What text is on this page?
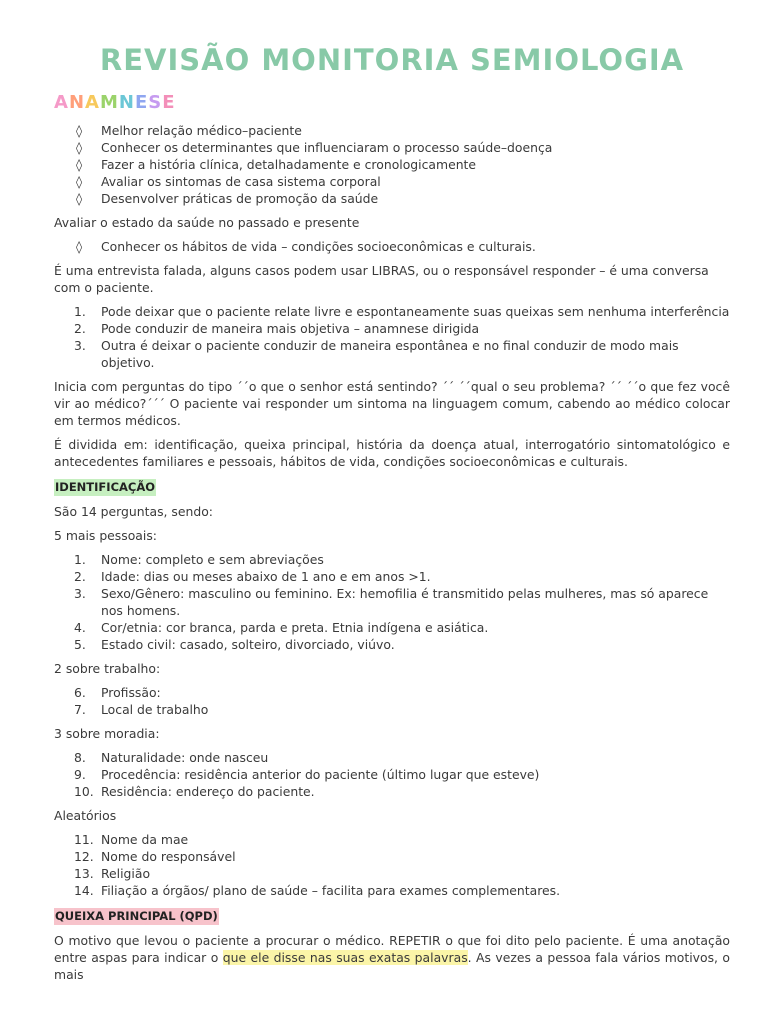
REVISÃO MONITORIA SEMIOLOGIA
ANAMNESE
◊ Melhor relação médico–paciente
◊ Conhecer os determinantes que influenciaram o processo saúde–doença
◊ Fazer a história clínica, detalhadamente e cronologicamente
◊ Avaliar os sintomas de casa sistema corporal
◊ Desenvolver práticas de promoção da saúde

Avaliar o estado da saúde no passado e presente

◊ Conhecer os hábitos de vida – condições socioeconômicas e culturais.

É uma entrevista falada, alguns casos podem usar LIBRAS, ou o responsável responder – é uma conversa com o paciente.

1.	Pode deixar que o paciente relate livre e espontaneamente suas queixas sem nenhuma interferência
2.	Pode conduzir de maneira mais objetiva – anamnese dirigida
3.	Outra é deixar o paciente conduzir de maneira espontânea e no final conduzir de modo mais objetivo.

Inicia com perguntas do tipo ´´o que o senhor está sentindo? ´´ ´´qual o seu problema? ´´ ´´o que fez você vir ao médico?´´´ O paciente vai responder um sintoma na linguagem comum, cabendo ao médico colocar em termos médicos.

É dividida em: identificação, queixa principal, história da doença atual, interrogatório sintomatológico e antecedentes familiares e pessoais, hábitos de vida, condições socioeconômicas e culturais.

IDENTIFICAÇÃO

São 14 perguntas, sendo:

5 mais pessoais:

1.	Nome: completo e sem abreviações
2.	Idade: dias ou meses abaixo de 1 ano e em anos >1.
3.	Sexo/Gênero: masculino ou feminino. Ex: hemofilia é transmitido pelas mulheres, mas só aparece nos homens.
4.	Cor/etnia: cor branca, parda e preta. Etnia indígena e asiática.
5.	Estado civil: casado, solteiro, divorciado, viúvo.

2 sobre trabalho:

6.	Profissão:
7.	Local de trabalho

3 sobre moradia:

8.	Naturalidade: onde nasceu
9.	Procedência: residência anterior do paciente (último lugar que esteve)
10. Residência: endereço do paciente.

Aleatórios

11. Nome da mae
12. Nome do responsável
13. Religião
14. Filiação a órgãos/ plano de saúde – facilita para exames complementares.

QUEIXA PRINCIPAL (QPD)

O motivo que levou o paciente a procurar o médico. REPETIR o que foi dito pelo paciente. É uma anotação entre aspas para indicar o que ele disse nas suas exatas palavras. As vezes a pessoa fala vários motivos, o mais
